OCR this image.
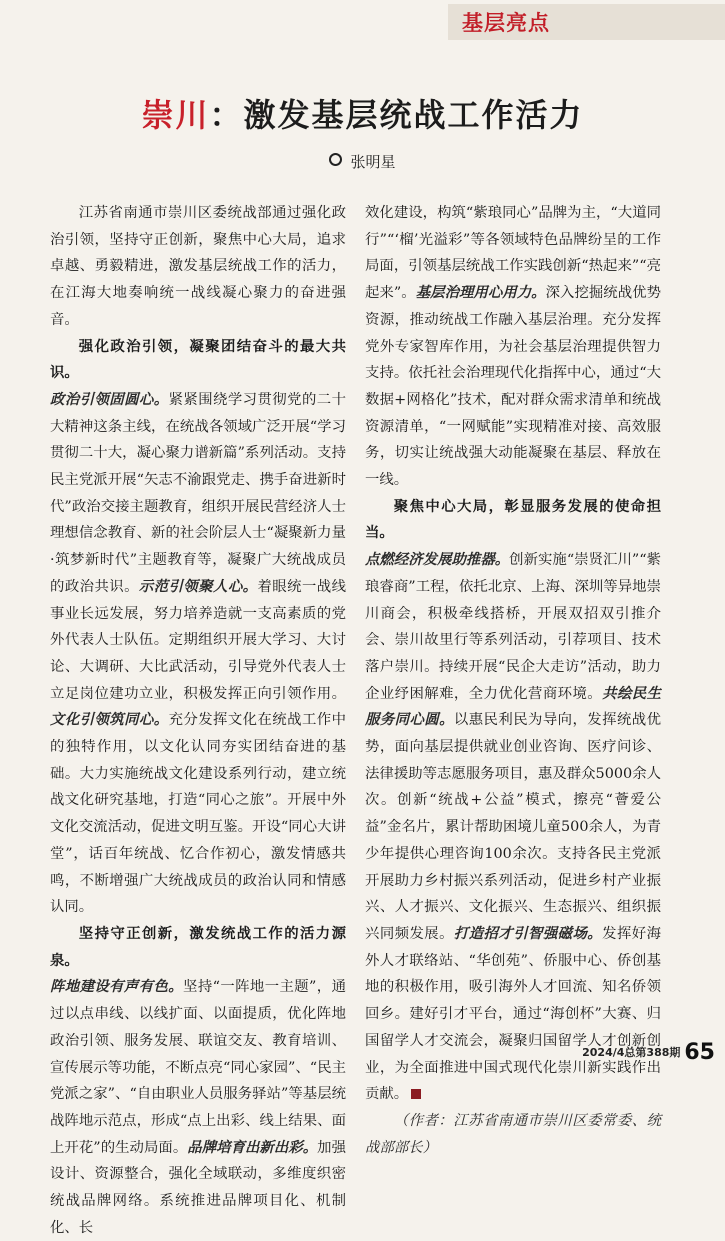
基层亮点
崇川：激发基层统战工作活力
张明星

江苏省南通市崇川区委统战部通过强化政治引领，坚持守正创新，聚焦中心大局，追求卓越、勇毅精进，激发基层统战工作的活力，在江海大地奏响统一战线凝心聚力的奋进强音。

强化政治引领，凝聚团结奋斗的最大共识。

政治引领固圆心。紧紧围绕学习贯彻党的二十大精神这条主线，在统战各领域广泛开展“学习贯彻二十大，凝心聚力谱新篇”系列活动。支持民主党派开展“矢志不渝跟党走、携手奋进新时代”政治交接主题教育，组织开展民营经济人士理想信念教育、新的社会阶层人士“凝聚新力量·筑梦新时代”主题教育等，凝聚广大统战成员的政治共识。示范引领聚人心。着眼统一战线事业长远发展，努力培养造就一支高素质的党外代表人士队伍。定期组织开展大学习、大讨论、大调研、大比武活动，引导党外代表人士立足岗位建功立业，积极发挥正向引领作用。文化引领筑同心。充分发挥文化在统战工作中的独特作用，以文化认同夯实团结奋进的基础。大力实施统战文化建设系列行动，建立统战文化研究基地，打造“同心之旅”。开展中外文化交流活动，促进文明互鉴。开设“同心大讲堂”，话百年统战、忆合作初心，激发情感共鸣，不断增强广大统战成员的政治认同和情感认同。

坚持守正创新，激发统战工作的活力源泉。

阵地建设有声有色。坚持“一阵地一主题”，通过以点串线、以线扩面、以面提质，优化阵地政治引领、服务发展、联谊交友、教育培训、宣传展示等功能，不断点亮“同心家园”、“民主党派之家”、“自由职业人员服务驿站”等基层统战阵地示范点，形成“点上出彩、线上结果、面上开花”的生动局面。品牌培育出新出彩。加强设计、资源整合，强化全域联动，多维度织密统战品牌网络。系统推进品牌项目化、机制化、长

效化建设，构筑“紫琅同心”品牌为主，“大道同行”“‘榴’光溢彩”等各领域特色品牌纷呈的工作局面，引领基层统战工作实践创新“热起来”“亮起来”。基层治理用心用力。深入挖掘统战优势资源，推动统战工作融入基层治理。充分发挥党外专家智库作用，为社会基层治理提供智力支持。依托社会治理现代化指挥中心，通过“大数据+网格化”技术，配对群众需求清单和统战资源清单，“一网赋能”实现精准对接、高效服务，切实让统战强大动能凝聚在基层、释放在一线。

聚焦中心大局，彰显服务发展的使命担当。

点燃经济发展助推器。创新实施“崇贤汇川”“紫琅睿商”工程，依托北京、上海、深圳等异地崇川商会，积极牵线搭桥，开展双招双引推介会、崇川故里行等系列活动，引荐项目、技术落户崇川。持续开展“民企大走访”活动，助力企业纾困解难，全力优化营商环境。共绘民生服务同心圆。以惠民利民为导向，发挥统战优势，面向基层提供就业创业咨询、医疗问诊、法律援助等志愿服务项目，惠及群众5000余人次。创新“统战+公益”模式，擦亮“薈爱公益”金名片，累计帮助困境儿童500余人，为青少年提供心理咨询100余次。支持各民主党派开展助力乡村振兴系列活动，促进乡村产业振兴、人才振兴、文化振兴、生态振兴、组织振兴同频发展。打造招才引智强磁场。发挥好海外人才联络站、“华创苑”、侨服中心、侨创基地的积极作用，吸引海外人才回流、知名侨领回乡。建好引才平台，通过“海创杯”大赛、归国留学人才交流会，凝聚归国留学人才创新创业，为全面推进中国式现代化崇川新实践作出贡献。

（作者：江苏省南通市崇川区委常委、统战部部长）

2024/4总第388期 65
